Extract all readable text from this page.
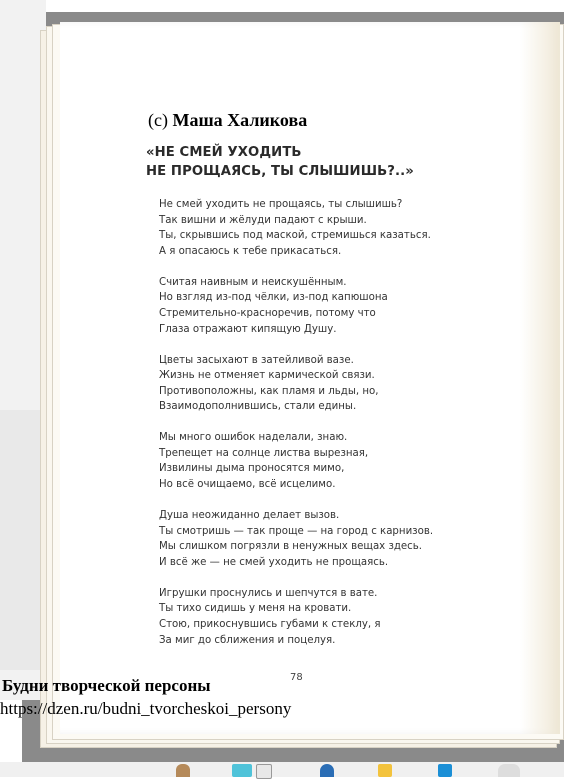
(с) Маша Халикова
«НЕ СМЕЙ УХОДИТЬ
НЕ ПРОЩАЯСЬ, ТЫ СЛЫШИШЬ?..»
Не смей уходить не прощаясь, ты слышишь?
Так вишни и жёлуди падают с крыши.
Ты, скрывшись под маской, стремишься казаться.
А я опасаюсь к тебе прикасаться.
Считая наивным и неискушённым.
Но взгляд из-под чёлки, из-под капюшона
Стремительно-красноречив, потому что
Глаза отражают кипящую Душу.
Цветы засыхают в затейливой вазе.
Жизнь не отменяет кармической связи.
Противоположны, как пламя и льды, но,
Взаимодополнившись, стали едины.
Мы много ошибок наделали, знаю.
Трепещет на солнце листва вырезная,
Извилины дыма проносятся мимо,
Но всё очищаемо, всё исцелимо.
Душа неожиданно делает вызов.
Ты смотришь — так проще — на город с карнизов.
Мы слишком погрязли в ненужных вещах здесь.
И всё же — не смей уходить не прощаясь.
Игрушки проснулись и шепчутся в вате.
Ты тихо сидишь у меня на кровати.
Стою, прикоснувшись губами к стеклу, я
За миг до сближения и поцелуя.
78
Будни творческой персоны
https://dzen.ru/budni_tvorcheskoi_persony
